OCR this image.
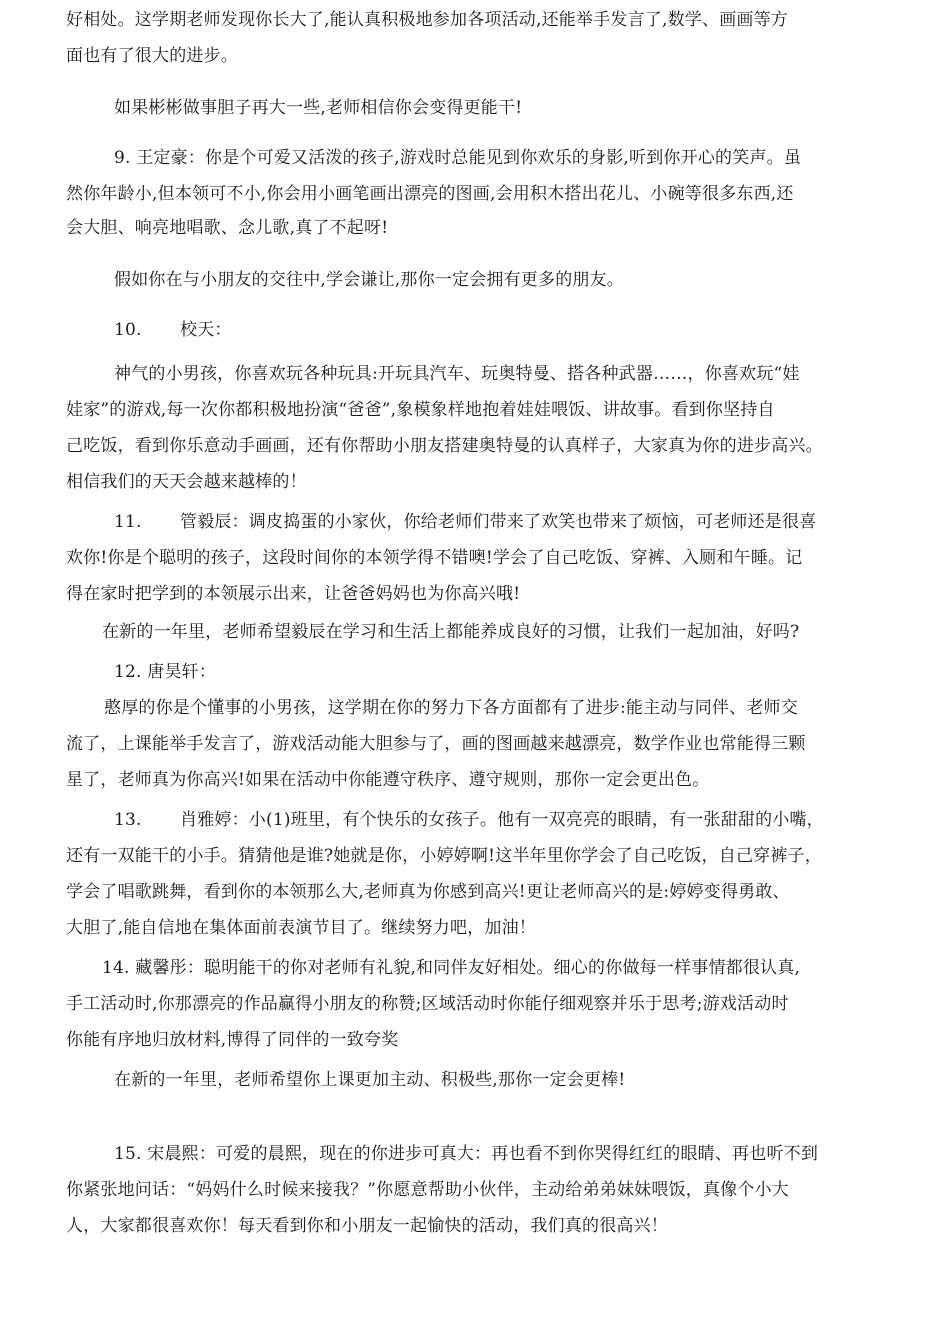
好相处。这学期老师发现你长大了,能认真积极地参加各项活动,还能举手发言了,数学、画画等方
面也有了很大的进步。
如果彬彬做事胆子再大一些,老师相信你会变得更能干!
9. 王定豪：你是个可爱又活泼的孩子,游戏时总能见到你欢乐的身影,听到你开心的笑声。虽
然你年龄小,但本领可不小,你会用小画笔画出漂亮的图画,会用积木搭出花儿、小碗等很多东西,还
会大胆、响亮地唱歌、念儿歌,真了不起呀!
假如你在与小朋友的交往中,学会谦让,那你一定会拥有更多的朋友。
10. 校天：
神气的小男孩，你喜欢玩各种玩具:开玩具汽车、玩奥特曼、搭各种武器……，你喜欢玩“娃
娃家”的游戏,每一次你都积极地扮演“爸爸”,象模象样地抱着娃娃喂饭、讲故事。看到你坚持自
己吃饭，看到你乐意动手画画，还有你帮助小朋友搭建奥特曼的认真样子，大家真为你的进步高兴。
相信我们的天天会越来越棒的！
11. 管毅辰：调皮捣蛋的小家伙，你给老师们带来了欢笑也带来了烦恼，可老师还是很喜
欢你!你是个聪明的孩子，这段时间你的本领学得不错噢!学会了自己吃饭、穿裤、入厕和午睡。记
得在家时把学到的本领展示出来，让爸爸妈妈也为你高兴哦!
在新的一年里，老师希望毅辰在学习和生活上都能养成良好的习惯，让我们一起加油，好吗?
12. 唐昊轩：
憨厚的你是个懂事的小男孩，这学期在你的努力下各方面都有了进步:能主动与同伴、老师交
流了，上课能举手发言了，游戏活动能大胆参与了，画的图画越来越漂亮，数学作业也常能得三颗
星了，老师真为你高兴!如果在活动中你能遵守秩序、遵守规则，那你一定会更出色。
13. 肖雅婷：小(1)班里，有个快乐的女孩子。他有一双亮亮的眼睛，有一张甜甜的小嘴，
还有一双能干的小手。猜猜他是谁?她就是你，小婷婷啊!这半年里你学会了自己吃饭，自己穿裤子，
学会了唱歌跳舞，看到你的本领那么大,老师真为你感到高兴!更让老师高兴的是:婷婷变得勇敢、
大胆了,能自信地在集体面前表演节目了。继续努力吧，加油！
14. 藏馨彤：聪明能干的你对老师有礼貌,和同伴友好相处。细心的你做每一样事情都很认真,
手工活动时,你那漂亮的作品赢得小朋友的称赞;区域活动时你能仔细观察并乐于思考;游戏活动时
你能有序地归放材料,博得了同伴的一致夸奖
在新的一年里，老师希望你上课更加主动、积极些,那你一定会更棒!
15. 宋晨熙：可爱的晨熙，现在的你进步可真大：再也看不到你哭得红红的眼睛、再也听不到
你紧张地问话：“妈妈什么时候来接我？”你愿意帮助小伙伴，主动给弟弟妹妹喂饭，真像个小大
人，大家都很喜欢你！每天看到你和小朋友一起愉快的活动，我们真的很高兴！
